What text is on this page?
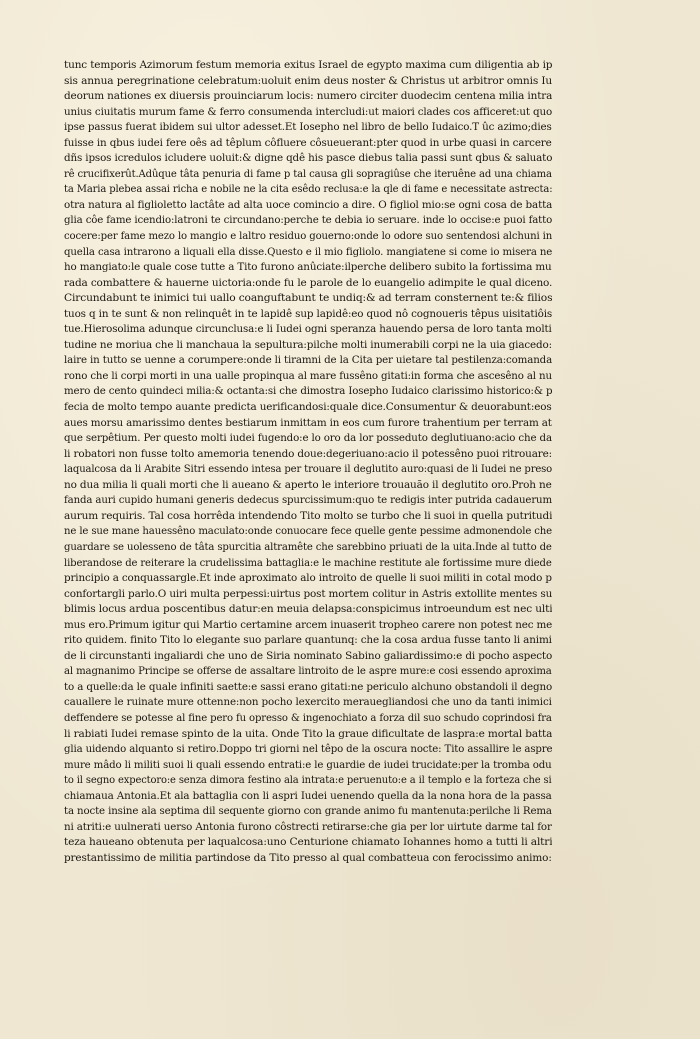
tunc temporis Azimorum festum memoria exitus Israel de egypto maxima cum diligentia ab ip
sis annua peregrinatione celebratum:uoluit enim deus noster & Christus ut arbitror omnis Iu
deorum nationes ex diuersis prouinciarum locis: numero circiter duodecim centena milia intra
unius ciuitatis murum fame & ferro consumenda intercludi:ut maiori clades cos afficeret:ut quo
ipse passus fuerat ibidem sui ultor adesset.Et Iosepho nel libro de bello Iudaico.T ûc azimo;dies
fuisse in qbus iudei fere oês ad têplum côfluere côsueuerant:pter quod in urbe quasi in carcere
dñs ipsos icredulos icludere uoluit:& digne qdê his pasce diebus talia passi sunt qbus & saluato
rê crucifixerût.Adûque tâta penuria di fame p tal causa gli sopragiûse che iteruêne ad una chiama
ta Maria plebea assai richa e nobile ne la cita esêdo reclusa:e la qle di fame e necessitate astrecta:
otra natura al figlioletto lactâte ad alta uoce comincio a dire. O figliol mio:se ogni cosa de batta
glia côe fame icendio:latroni te circundano:perche te debia io seruare. inde lo occise:e puoi fatto
cocere:per fame mezo lo mangio e laltro residuo gouerno:onde lo odore suo sentendosi alchuni in
quella casa intrarono a liquali ella disse.Questo e il mio figliolo. mangiatene si come io misera ne
ho mangiato:le quale cose tutte a Tito furono anûciate:ilperche delibero subito la fortissima mu
rada combattere & hauerne uictoria:onde fu le parole de lo euangelio adimpite le qual diceno.
Circundabunt te inimici tui uallo coanguftabunt te undiq:& ad terram consternent te:& filios
tuos q in te sunt & non relinquêt in te lapidê sup lapidê:eo quod nô cognoueris têpus uisitatiôis
tue.Hierosolima adunque circunclusa:e li Iudei ogni speranza hauendo persa de loro tanta molti
tudine ne moriua che li manchaua la sepultura:pilche molti inumerabili corpi ne la uia giacedo:
laire in tutto se uenne a corumpere:onde li tiramni de la Cita per uietare tal pestilenza:comanda
rono che li corpi morti in una ualle propinqua al mare fussêno gitati:in forma che ascesêno al nu
mero de cento quindeci milia:& octanta:si che dimostra Iosepho Iudaico clarissimo historico:& p
fecia de molto tempo auante predicta uerificandosi:quale dice.Consumentur & deuorabunt:eos
aues morsu amarissimo dentes bestiarum inmittam in eos cum furore trahentium per terram at
que serpêtium. Per questo molti iudei fugendo:e lo oro da lor posseduto deglutiuano:acio che da
li robatori non fusse tolto amemoria tenendo doue:degeriuano:acio il potessêno puoi ritrouare:
laqualcosa da li Arabite Sitri essendo intesa per trouare il deglutito auro:quasi de li Iudei ne preso
no dua milia li quali morti che li aueano & aperto le interiore trouauão il deglutito oro.Proh ne
fanda auri cupido humani generis dedecus spurcissimum:quo te redigis inter putrida cadauerum
aurum requiris. Tal cosa horrêda intendendo Tito molto se turbo che li suoi in quella putritudi
ne le sue mane hauessêno maculato:onde conuocare fece quelle gente pessime admonendole che
guardare se uolesseno de tâta spurcitia altramête che sarebbino priuati de la uita.Inde al tutto de
liberandose de reiterare la crudelissima battaglia:e le machine restitute ale fortissime mure diede
principio a conquassargle.Et inde aproximato alo introito de quelle li suoi militi in cotal modo p
confortargli parlo.O uiri multa perpessi:uirtus post mortem colitur in Astris extollite mentes su
blimis locus ardua poscentibus datur:en meuia delapsa:conspicimus introeundum est nec ulti
mus ero.Primum igitur qui Martio certamine arcem inuaserit tropheo carere non potest nec me
rito quidem. finito Tito lo elegante suo parlare quantunq: che la cosa ardua fusse tanto li animi
de li circunstanti ingaliardi che uno de Siria nominato Sabino galiardissimo:e di pocho aspecto
al magnanimo Principe se offerse de assaltare lintroito de le aspre mure:e cosi essendo aproxima
to a quelle:da le quale infiniti saette:e sassi erano gitati:ne periculo alchuno obstandoli il degno
cauallere le ruinate mure ottenne:non pocho lexercito merauegliandosi che uno da tanti inimici
deffendere se potesse al fine pero fu opresso & ingenochiato a forza dil suo schudo coprindosi fra
li rabiati Iudei remase spinto de la uita. Onde Tito la graue dificultate de laspra:e mortal batta
glia uidendo alquanto si retiro.Doppo tri giorni nel têpo de la oscura nocte: Tito assallire le aspre
mure mâdo li militi suoi li quali essendo entrati:e le guardie de iudei trucidate:per la tromba odu
to il segno expectoro:e senza dimora festino ala intrata:e peruenuto:e a il templo e la forteza che si
chiamaua Antonia.Et ala battaglia con li aspri Iudei uenendo quella da la nona hora de la passa
ta nocte insine ala septima dil sequente giorno con grande animo fu mantenuta:perilche li Rema
ni atriti:e uulnerati uerso Antonia furono côstrecti retirarse:che gia per lor uirtute darme tal for
teza haueano obtenuta per laqualcosa:uno Centurione chiamato Iohannes homo a tutti li altri
prestantissimo de militia partindose da Tito presso al qual combatteua con ferocissimo animo:
